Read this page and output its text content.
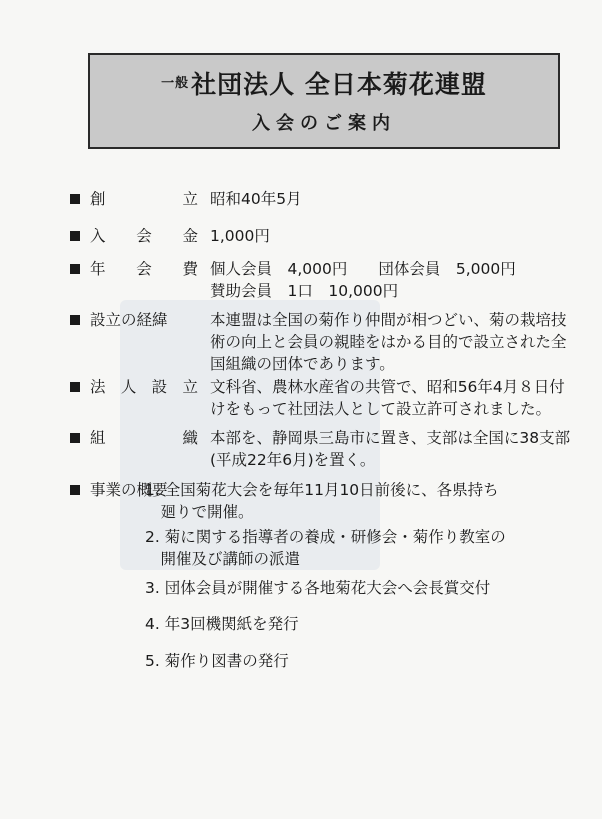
$^{一般}$社団法人 全日本菊花連盟
入会のご案内
創	立 昭和40年5月
入 会 金 1,000円
年 会 費 個人会員　4,000円　　団体会員　5,000円
賛助会員　1口　10,000円
設立の経緯	本連盟は全国の菊作り仲間が相つどい、菊の栽培技術の向上と会員の親睦をはかる目的で設立された全国組織の団体であります。
法 人 設 立 文科省、農林水産省の共管で、昭和56年4月８日付けをもって社団法人として設立許可されました。
組	織 本部を、静岡県三島市に置き、支部は全国に38支部(平成22年6月)を置く。
事業の概要
1. 全国菊花大会を毎年11月10日前後に、各県持ち
　廻りで開催。
2. 菊に関する指導者の養成・研修会・菊作り教室の
　開催及び講師の派遣
3. 団体会員が開催する各地菊花大会へ会長賞交付
4. 年3回機関紙を発行
5. 菊作り図書の発行
